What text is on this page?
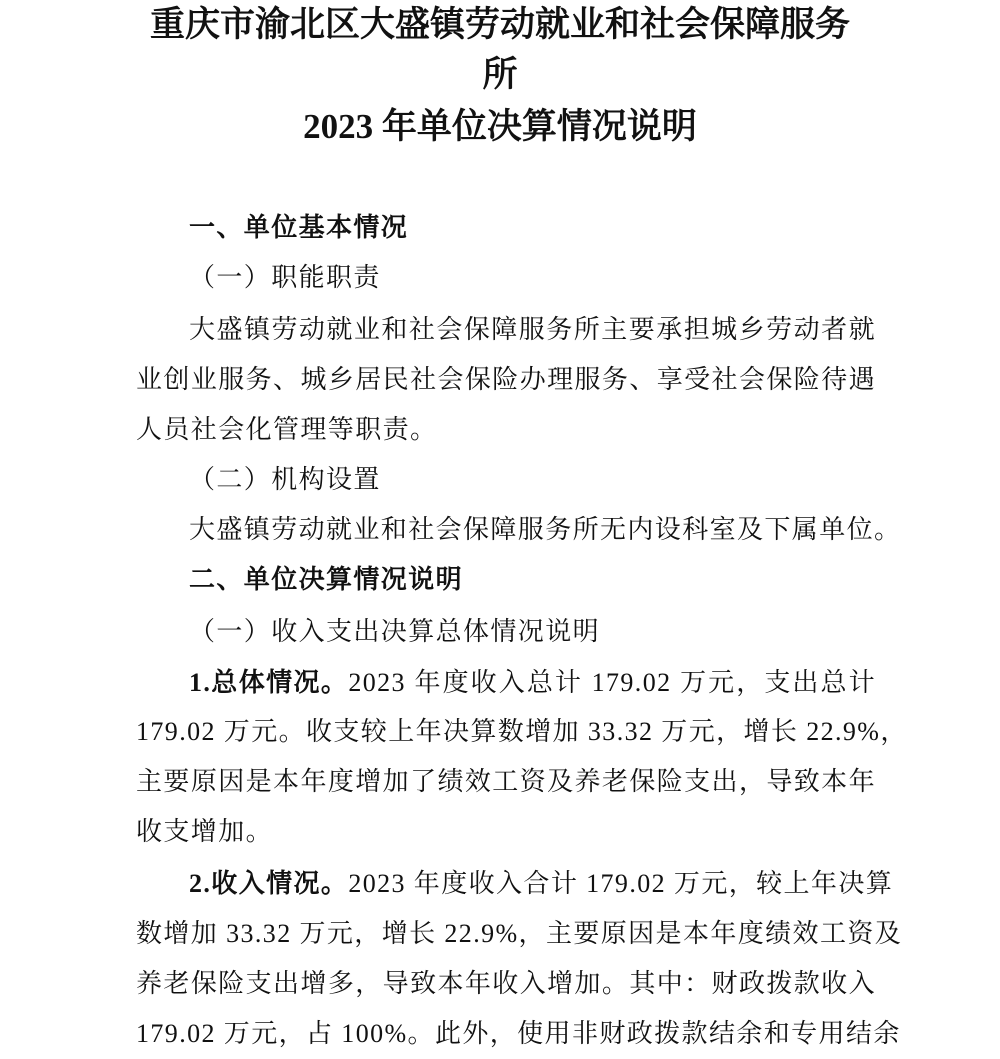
重庆市渝北区大盛镇劳动就业和社会保障服务
所
2023 年单位决算情况说明
一、单位基本情况
（一）职能职责
大盛镇劳动就业和社会保障服务所主要承担城乡劳动者就
业创业服务、城乡居民社会保险办理服务、享受社会保险待遇
人员社会化管理等职责。
（二）机构设置
大盛镇劳动就业和社会保障服务所无内设科室及下属单位。
二、单位决算情况说明
（一）收入支出决算总体情况说明
1.总体情况。 2023 年度收入总计 179.02 万元，支出总计
179.02 万元。收支较上年决算数增加 33.32 万元，增长 22.9%，
主要原因是本年度增加了绩效工资及养老保险支出，导致本年
收支增加。
2.收入情况。 2023 年度收入合计 179.02 万元，较上年决算
数增加 33.32 万元，增长 22.9%，主要原因是本年度绩效工资及
养老保险支出增多，导致本年收入增加。其中：财政拨款收入
179.02 万元，占 100%。此外，使用非财政拨款结余和专用结余
